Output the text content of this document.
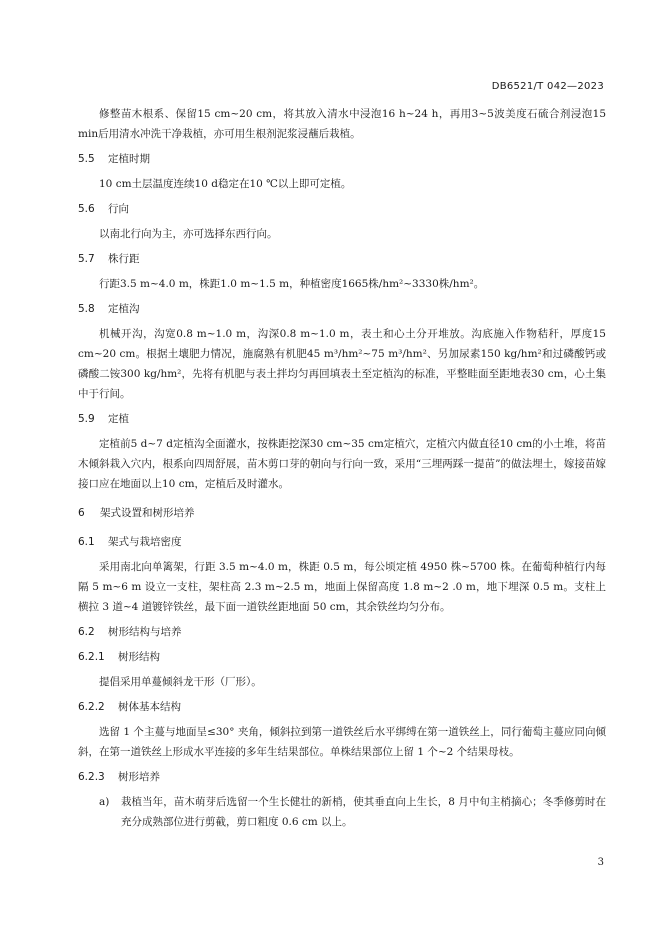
DB6521/T 042—2023

修整苗木根系、保留15 cm~20 cm，将其放入清水中浸泡16 h~24 h，再用3~5波美度石硫合剂浸泡15 min后用清水冲洗干净栽植，亦可用生根剂泥浆浸蘸后栽植。

5.5 定植时期

10 cm土层温度连续10 d稳定在10 ℃以上即可定植。

5.6 行向

以南北行向为主，亦可选择东西行向。

5.7 株行距

行距3.5 m~4.0 m，株距1.0 m~1.5 m，种植密度1665株/hm²~3330株/hm²。

5.8 定植沟

机械开沟，沟宽0.8 m~1.0 m，沟深0.8 m~1.0 m，表土和心土分开堆放。沟底施入作物秸秆，厚度15 cm~20 cm。根据土壤肥力情况，施腐熟有机肥45 m³/hm²~75 m³/hm²、另加尿素150 kg/hm²和过磷酸钙或磷酸二铵300 kg/hm²，先将有机肥与表土拌均匀再回填表土至定植沟的标准，平整畦面至距地表30 cm，心土集中于行间。

5.9 定植

定植前5 d~7 d定植沟全面灌水，按株距挖深30 cm~35 cm定植穴，定植穴内做直径10 cm的小土堆，将苗木倾斜栽入穴内，根系向四周舒展，苗木剪口芽的朝向与行向一致，采用“三埋两踩一提苗”的做法埋土，嫁接苗嫁接口应在地面以上10 cm，定植后及时灌水。

6 架式设置和树形培养

6.1 架式与栽培密度

采用南北向单篱架，行距 3.5 m~4.0 m，株距 0.5 m，每公顷定植 4950 株~5700 株。在葡萄种植行内每隔 5 m~6 m 设立一支柱，架柱高 2.3 m~2.5 m，地面上保留高度 1.8 m~2 .0 m，地下埋深 0.5 m。支柱上横拉 3 道~4 道镀锌铁丝，最下面一道铁丝距地面 50 cm，其余铁丝均匀分布。

6.2 树形结构与培养

6.2.1 树形结构

提倡采用单蔓倾斜龙干形（厂形）。

6.2.2 树体基本结构

选留 1 个主蔓与地面呈≤30° 夹角，倾斜拉到第一道铁丝后水平绑缚在第一道铁丝上，同行葡萄主蔓应同向倾斜，在第一道铁丝上形成水平连接的多年生结果部位。单株结果部位上留 1 个~2 个结果母枝。

6.2.3 树形培养

a) 栽植当年，苗木萌芽后选留一个生长健壮的新梢，使其垂直向上生长，8 月中旬主梢摘心；冬季修剪时在充分成熟部位进行剪截，剪口粗度 0.6 cm 以上。

3
